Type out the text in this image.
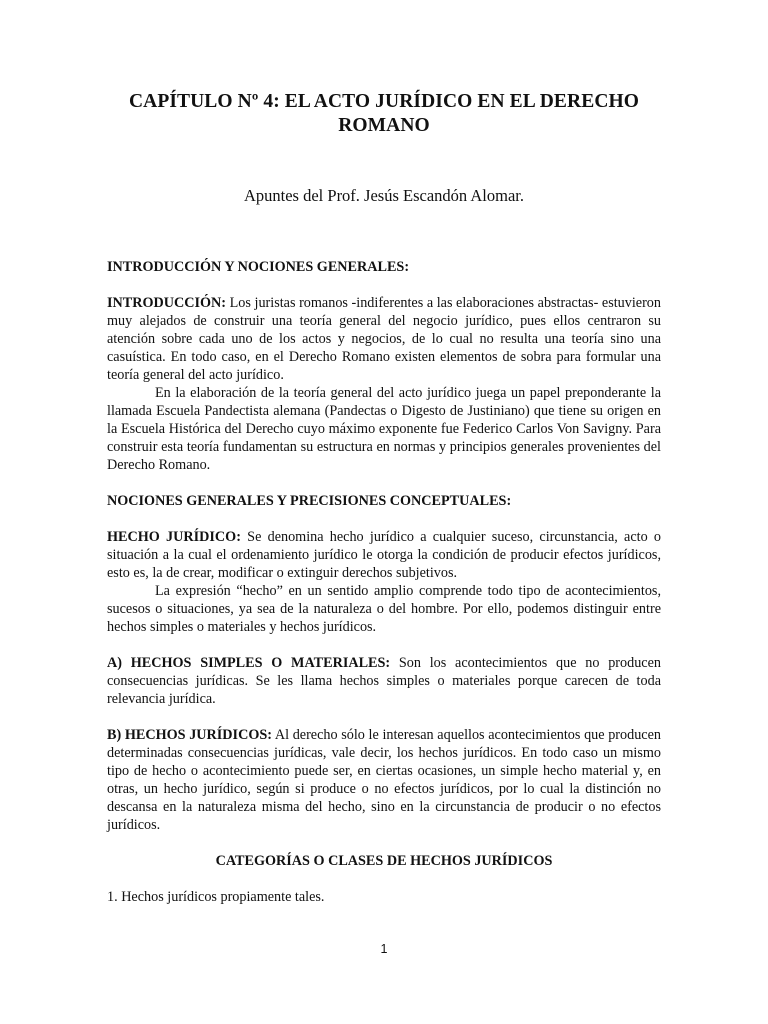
CAPÍTULO Nº 4: EL ACTO JURÍDICO EN EL DERECHO ROMANO

Apuntes del Prof. Jesús Escandón Alomar.

INTRODUCCIÓN Y NOCIONES GENERALES:

INTRODUCCIÓN: Los juristas romanos -indiferentes a las elaboraciones abstractas- estuvieron muy alejados de construir una teoría general del negocio jurídico, pues ellos centraron su atención sobre cada uno de los actos y negocios, de lo cual no resulta una teoría sino una casuística. En todo caso, en el Derecho Romano existen elementos de sobra para formular una teoría general del acto jurídico.

En la elaboración de la teoría general del acto jurídico juega un papel preponderante la llamada Escuela Pandectista alemana (Pandectas o Digesto de Justiniano) que tiene su origen en la Escuela Histórica del Derecho cuyo máximo exponente fue Federico Carlos Von Savigny. Para construir esta teoría fundamentan su estructura en normas y principios generales provenientes del Derecho Romano.

NOCIONES GENERALES Y PRECISIONES CONCEPTUALES:

HECHO JURÍDICO: Se denomina hecho jurídico a cualquier suceso, circunstancia, acto o situación a la cual el ordenamiento jurídico le otorga la condición de producir efectos jurídicos, esto es, la de crear, modificar o extinguir derechos subjetivos.

La expresión “hecho” en un sentido amplio comprende todo tipo de acontecimientos, sucesos o situaciones, ya sea de la naturaleza o del hombre. Por ello, podemos distinguir entre hechos simples o materiales y hechos jurídicos.

A) HECHOS SIMPLES O MATERIALES: Son los acontecimientos que no producen consecuencias jurídicas. Se les llama hechos simples o materiales porque carecen de toda relevancia jurídica.

B) HECHOS JURÍDICOS: Al derecho sólo le interesan aquellos acontecimientos que producen determinadas consecuencias jurídicas, vale decir, los hechos jurídicos. En todo caso un mismo tipo de hecho o acontecimiento puede ser, en ciertas ocasiones, un simple hecho material y, en otras, un hecho jurídico, según si produce o no efectos jurídicos, por lo cual la distinción no descansa en la naturaleza misma del hecho, sino en la circunstancia de producir o no efectos jurídicos.

CATEGORÍAS O CLASES DE HECHOS JURÍDICOS

1. Hechos jurídicos propiamente tales.

1
